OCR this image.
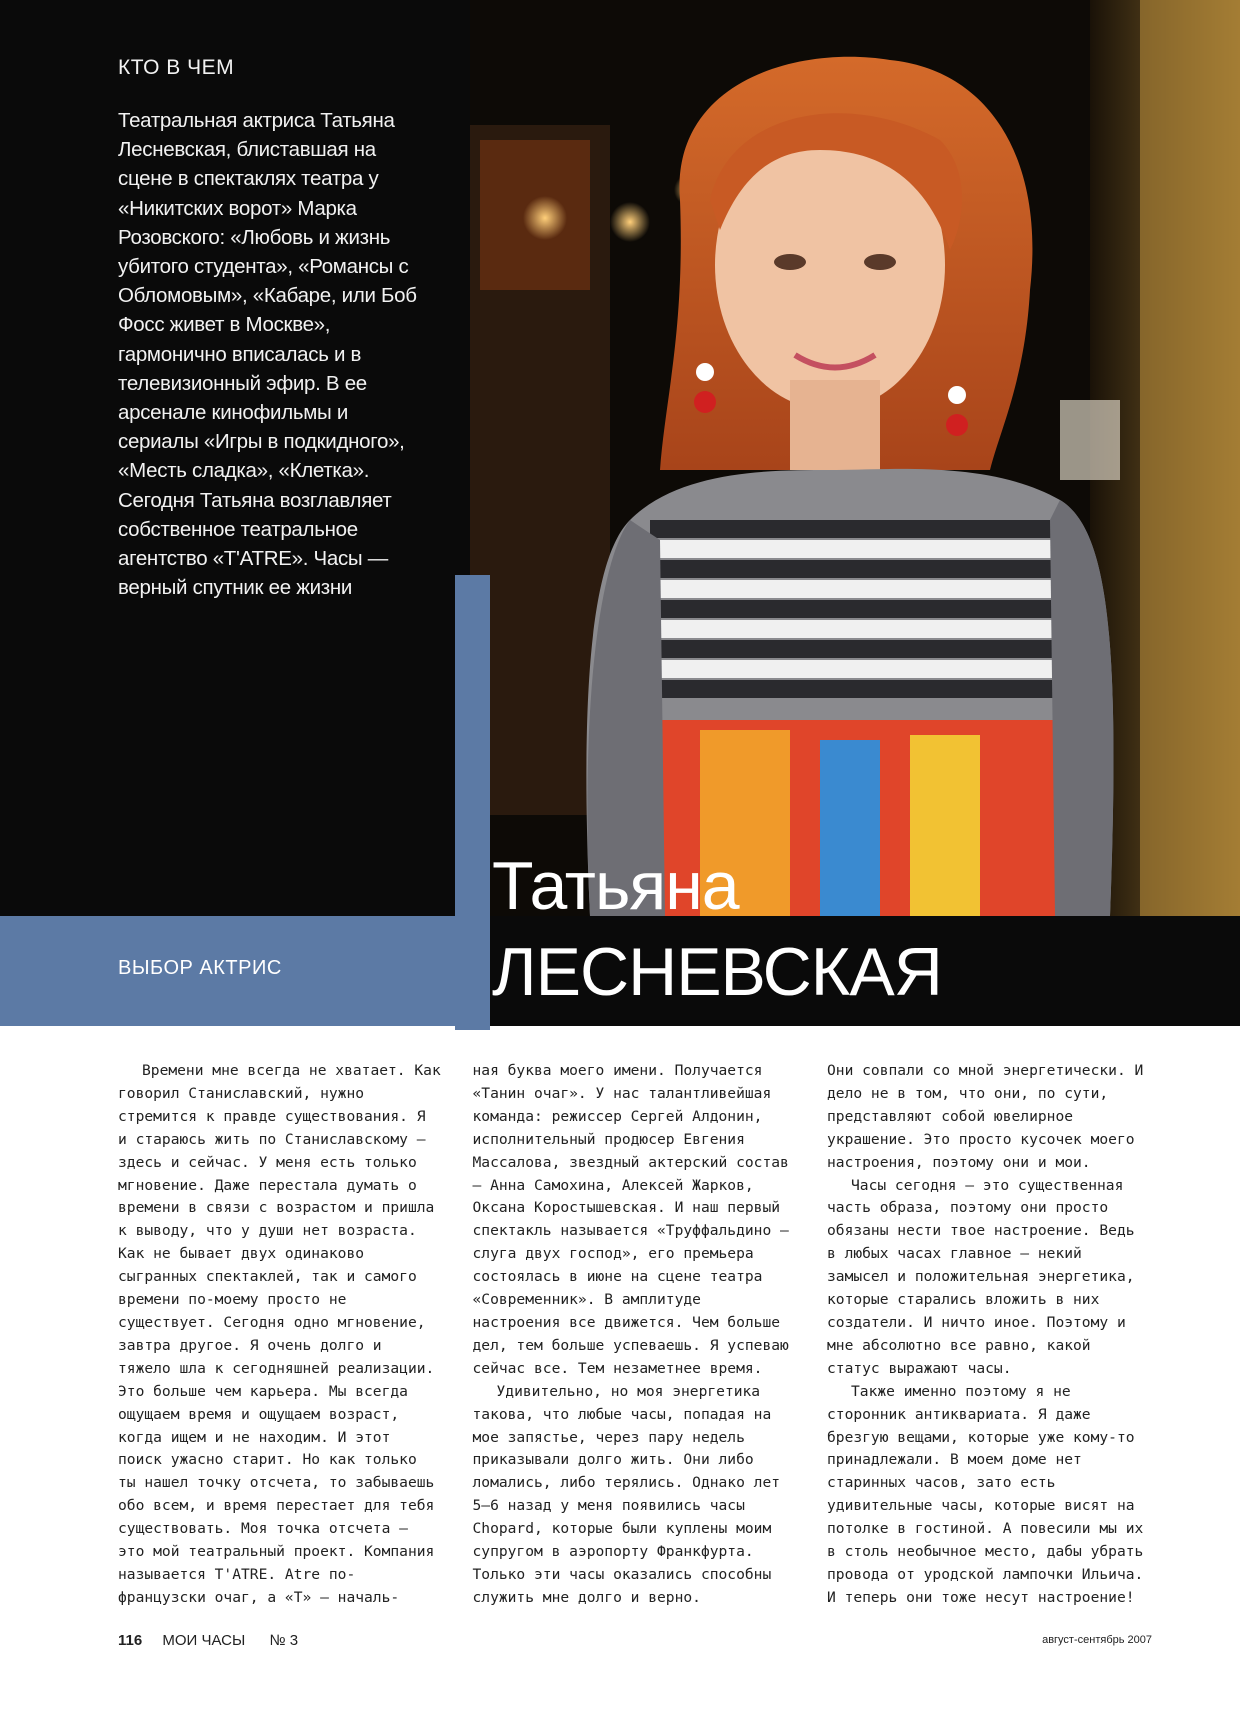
КТО В ЧЕМ
Театральная актриса Татьяна Лесневская, блиставшая на сцене в спектаклях театра у «Никитских ворот» Марка Розовского: «Любовь и жизнь убитого студента», «Романсы с Обломовым», «Кабаре, или Боб Фосс живет в Москве», гармонично вписалась и в телевизионный эфир. В ее арсенале кинофильмы и сериалы «Игры в подкидного», «Месть сладка», «Клетка». Сегодня Татьяна возглавляет собственное театральное агентство «T'ATRE». Часы — верный спутник ее жизни
ВЫБОР АКТРИС
Татьяна
ЛЕСНЕВСКАЯ

Времени мне всегда не хватает. Как говорил Станиславский, нужно стремится к правде существования. Я и стараюсь жить по Станиславскому — здесь и сейчас. У меня есть только мгновение. Даже перестала думать о времени в связи с возрастом и пришла к выводу, что у души нет возраста. Как не бывает двух одинаково сыгранных спектаклей, так и самого времени по-моему просто не существует. Сегодня одно мгновение, завтра другое. Я очень долго и тяжело шла к сегодняшней реализации. Это больше чем карьера. Мы всегда ощущаем время и ощущаем возраст, когда ищем и не находим. И этот поиск ужасно старит. Но как только ты нашел точку отсчета, то забываешь обо всем, и время перестает для тебя существовать. Моя точка отсчета — это мой театральный проект. Компания называется T'ATRE. Atre по-французски очаг, а «Т» — началь-

ная буква моего имени. Получается «Танин очаг». У нас талантливейшая команда: режиссер Сергей Алдонин, исполнительный продюсер Евгения Массалова, звездный актерский состав — Анна Самохина, Алексей Жарков, Оксана Коростышевская. И наш первый спектакль называется «Труффальдино — слуга двух господ», его премьера состоялась в июне на сцене театра «Современник». В амплитуде настроения все движется. Чем больше дел, тем больше успеваешь. Я успеваю сейчас все. Тем незаметнее время.

Удивительно, но моя энергетика такова, что любые часы, попадая на мое запястье, через пару недель приказывали долго жить. Они либо ломались, либо терялись. Однако лет 5—6 назад у меня появились часы Chopard, которые были куплены моим супругом в аэропорту Франкфурта. Только эти часы оказались способны служить мне долго и верно.

Они совпали со мной энергетически. И дело не в том, что они, по сути, представляют собой ювелирное украшение. Это просто кусочек моего настроения, поэтому они и мои.

Часы сегодня — это существенная часть образа, поэтому они просто обязаны нести твое настроение. Ведь в любых часах главное — некий замысел и положительная энергетика, которые старались вложить в них создатели. И ничто иное. Поэтому и мне абсолютно все равно, какой статус выражают часы.

Также именно поэтому я не сторонник антиквариата. Я даже брезгую вещами, которые уже кому-то принадлежали. В моем доме нет старинных часов, зато есть удивительные часы, которые висят на потолке в гостиной. А повесили мы их в столь необычное место, дабы убрать провода от уродской лампочки Ильича. И теперь они тоже несут настроение!

116 МОИ ЧАСЫ № 3	август-сентябрь 2007
